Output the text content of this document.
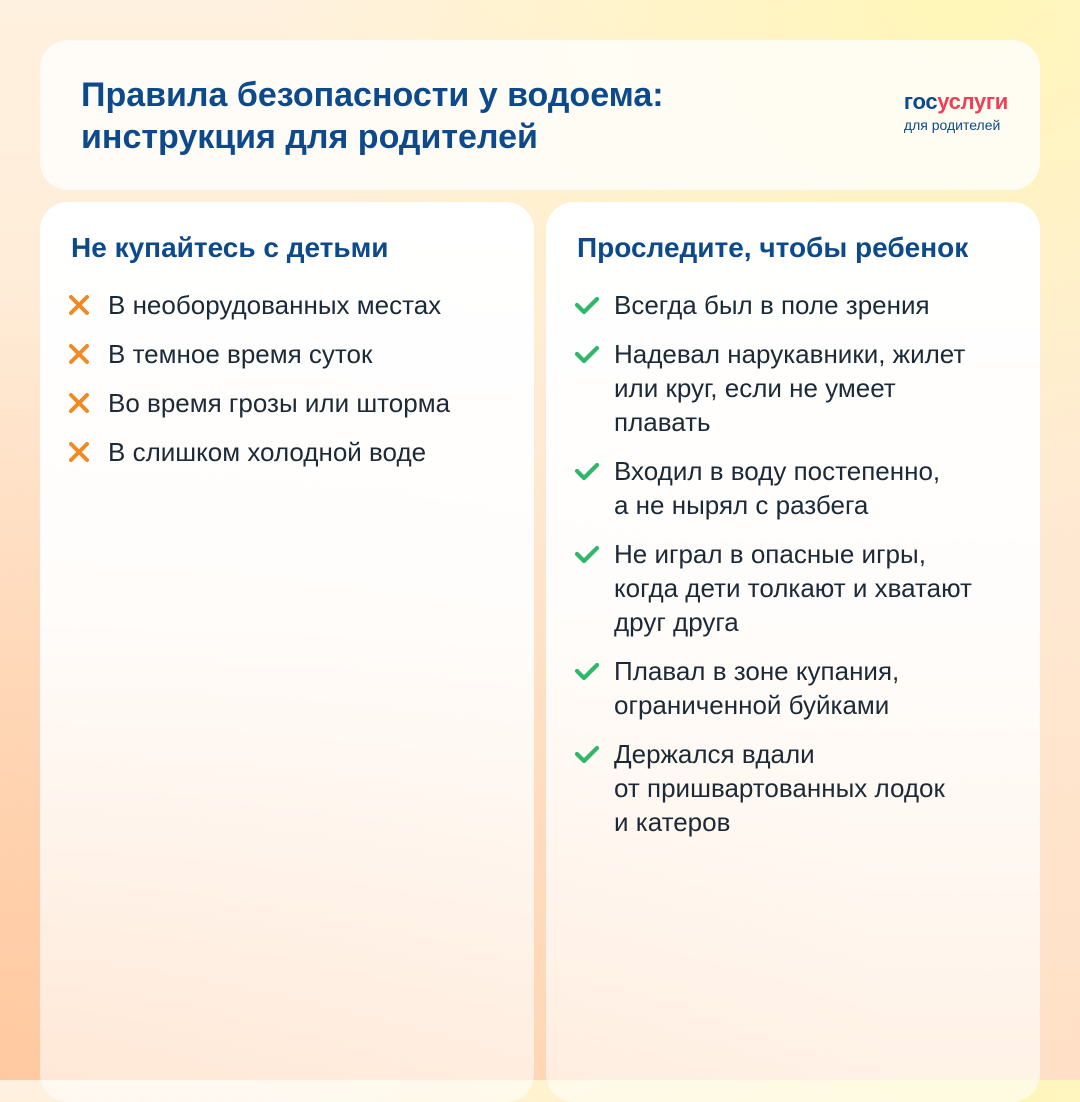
Правила безопасности у водоема:
инструкция для родителей
госуслуги
для родителей
Не купайтесь с детьми
В необорудованных местах
В темное время суток
Во время грозы или шторма
В слишком холодной воде
Проследите, чтобы ребенок
Всегда был в поле зрения
Надевал нарукавники, жилет
или круг, если не умеет
плавать
Входил в воду постепенно,
а не нырял с разбега
Не играл в опасные игры,
когда дети толкают и хватают
друг друга
Плавал в зоне купания,
ограниченной буйками
Держался вдали
от пришвартованных лодок
и катеров
